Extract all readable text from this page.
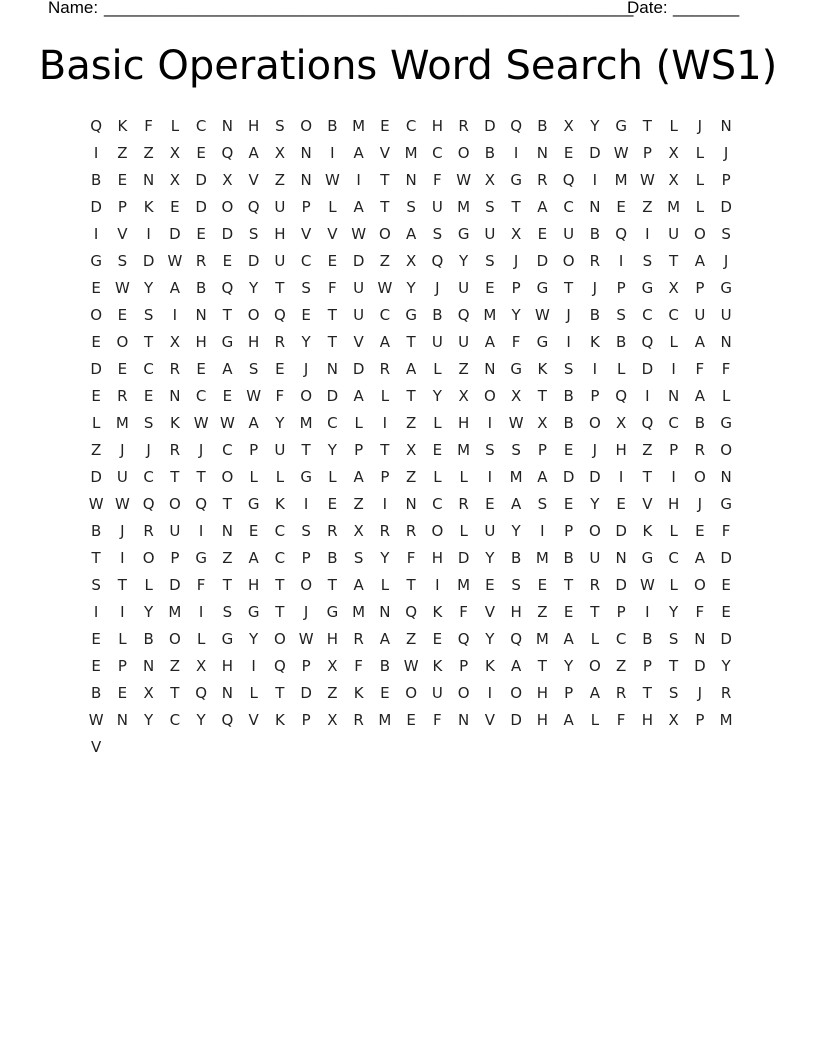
Name: ________________________________________________________
Date: _______
Basic Operations Word Search (WS1)
Q	K	F	L	C	N	H	S	O	B M	E	C	H	R	D Q	B	X	Y	G	T	L	J	N
I	Z	Z	X	E	Q	A	X	N	I	A	V M C	O	B	I	N	E	D W P	X	L	J
B	E	N	X	D	X	V	Z	N W	I	T	N	F W X	G	R	Q	I	M W X	L	P
D	P	K	E	D O Q U	P	L	A	T	S	U M	S	T	A	C	N	E	Z M	L	D
I	V	I	D	E	D	S	H	V	V W O	A	S	G U	X	E	U	B	Q	I	U O	S
G	S	D W R	E	D U	C	E	D	Z	X	Q	Y	S	J	D O	R	I	S	T	A	J
E W Y	A	B	Q	Y	T	S	F	U W Y	J	U	E	P	G	T	J	P	G	X	P	G
O	E	S	I	N	T	O Q	E	T	U	C	G	B	Q M	Y W	J	B	S	C	C	U	U
E	O	T	X	H G H	R	Y	T	V	A	T	U	U	A	F	G	I	K	B	Q	L	A	N
D	E	C	R	E	A	S	E	J	N D	R	A	L	Z	N G	K	S	I	L	D	I	F	F
E	R	E	N	C	E W F	O D	A	L	T	Y	X	O	X	T	B	P	Q	I	N	A	L
L	M	S	K W W A	Y	M C	L	I	Z	L	H	I	W X	B	O	X	Q	C	B	G
Z	J	J	R	J	C	P	U	T	Y	P	T	X	E	M	S	S	P	E	J	H	Z	P	R	O
D U	C	T	T	O	L	L	G	L	A	P	Z	L	L	I	M A	D D	I	T	I	O N
W W Q O Q	T	G	K	I	E	Z	I	N	C	R	E	A	S	E	Y	E	V	H	J	G
B	J	R	U	I	N	E	C	S	R	X	R	R	O	L	U	Y	I	P	O D	K	L	E	F
T	I	O	P	G	Z	A	C	P	B	S	Y	F	H D	Y	B M B	U	N G	C	A	D
S	T	L	D	F	T	H	T	O	T	A	L	T	I	M	E	S	E	T	R	D W L	O	E
I	I	Y	M	I	S	G	T	J	G M N Q	K	F	V	H	Z	E	T	P	I	Y	F	E
E	L	B	O	L	G	Y	O W H	R	A	Z	E	Q	Y	Q M A	L	C	B	S	N D
E	P	N	Z	X	H	I	Q	P	X	F	B W K	P	K	A	T	Y	O	Z	P	T	D	Y
B	E	X	T	Q N	L	T	D	Z	K	E	O U O	I	O H	P	A	R	T	S	J	R
W N	Y	C	Y	Q	V	K	P	X	R M	E	F	N	V	D H	A	L	F	H	X	P	M
V
